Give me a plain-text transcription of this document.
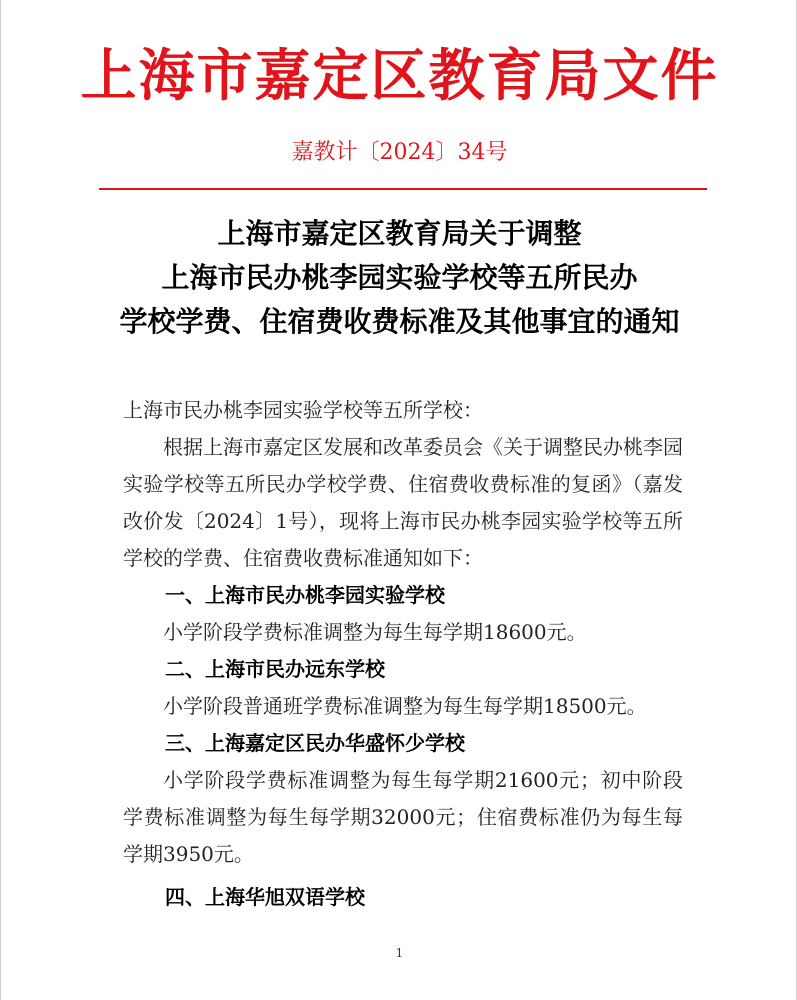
上海市嘉定区教育局文件
嘉教计〔2024〕34号
上海市嘉定区教育局关于调整
上海市民办桃李园实验学校等五所民办
学校学费、住宿费收费标准及其他事宜的通知

上海市民办桃李园实验学校等五所学校：

根据上海市嘉定区发展和改革委员会《关于调整民办桃李园实验学校等五所民办学校学费、住宿费收费标准的复函》（嘉发改价发〔2024〕1号），现将上海市民办桃李园实验学校等五所学校的学费、住宿费收费标准通知如下：

一、上海市民办桃李园实验学校

小学阶段学费标准调整为每生每学期18600元。

二、上海市民办远东学校

小学阶段普通班学费标准调整为每生每学期18500元。

三、上海嘉定区民办华盛怀少学校

小学阶段学费标准调整为每生每学期21600元；初中阶段学费标准调整为每生每学期32000元；住宿费标准仍为每生每学期3950元。

四、上海华旭双语学校

1
